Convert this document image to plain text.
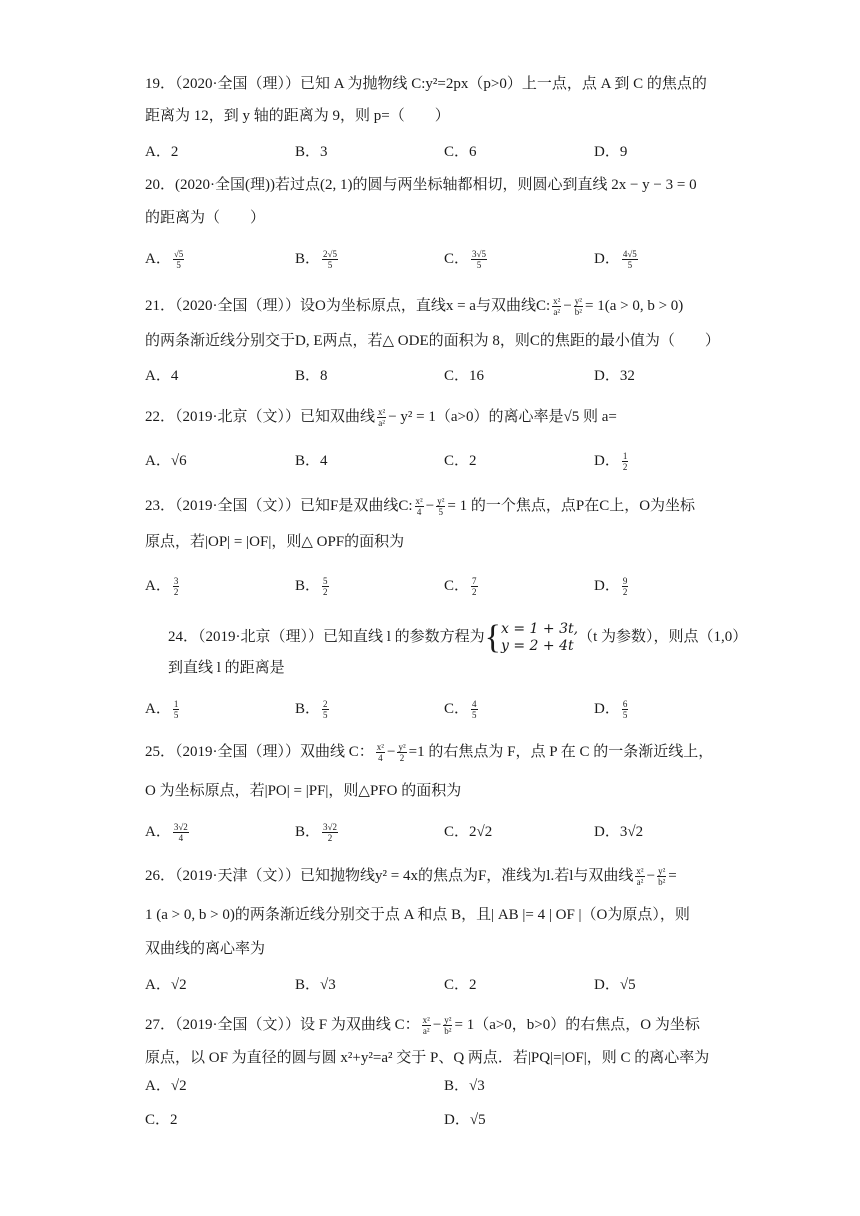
19．（2020·全国（理））已知 A 为抛物线 C:y²=2px（p>0）上一点，点 A 到 C 的焦点的
距离为 12，到 y 轴的距离为 9，则 p=（　　）
A．2	B．3	C．6	D．9
20．(2020·全国(理))若过点(2, 1)的圆与两坐标轴都相切，则圆心到直线 2x − y − 3 = 0
的距离为（　　）
A． $\frac{√5}{5}$	B． $\frac{2√5}{5}$	C． $\frac{3√5}{5}$	D． $\frac{4√5}{5}$
21．（2020·全国（理））设O为坐标原点，直线x = a与双曲线C: $\frac{\text{x²}}{\text{a²}} - \frac{\text{y²}}{\text{b²}} = 1(a > 0$, b > 0)
的两条渐近线分别交于D, E两点，若△ ODE的面积为 8，则C的焦距的最小值为（　　）
A．4	B．8	C．16	D．32
22．（2019·北京（文））已知双曲线 $\frac{\text{x²}}{\text{a²}} - y^2 = 1(a>0)$的离心率是√5 则 a=
A．√6	B．4	C．2	D． $\frac{1}{2}$
23．（2019·全国（文））已知F是双曲线C: $\frac{\text{x²}}{4} - \frac{\text{y²}}{5} = 1$ 的一个焦点，点P在C上，O为坐标
原点，若|OP| = |OF|，则△ OPF的面积为
A． $\frac{3}{2}$	B． $\frac{5}{2}$	C． $\frac{7}{2}$	D． $\frac{9}{2}$
24．（2019·北京（理））已知直线 l 的参数方程为 { x = 1 + 3t,
y = 2 + 4t
（t 为参数），则点（1,0）
到直线 l 的距离是
A． $\frac{1}{5}$	B． $\frac{2}{5}$	C． $\frac{4}{5}$	D． $\frac{6}{5}$
25．（2019·全国（理））双曲线 C： $\frac{\text{x²}}{4} - \frac{\text{y²}}{2} =1$ 的右焦点为 F，点 P 在 C 的一条渐近线上，
O 为坐标原点，若|PO| = |PF|，则△PFO 的面积为
A． $\frac{3√2}{4}$	B． $\frac{3√2}{2}$	C．2√2	D．3√2
26．（2019·天津（文））已知抛物线y² = 4x的焦点为F，准线为l.若l与双曲线 $\frac{\text{x²}}{\text{a²}} - \frac{\text{y²}}{\text{b²}}$ =
1 (a > 0, b > 0)的两条渐近线分别交于点 A 和点 B，且| AB |= 4 | OF |（O为原点），则
双曲线的离心率为
A．√2	B．√3	C．2	D．√5
27．（2019·全国（文））设 F 为双曲线 C： $\frac{\text{x²}}{\text{a²}} - \frac{\text{y²}}{\text{b²}} = 1(a>0$，b>0）的右焦点，O 为坐标
原点，以 OF 为直径的圆与圆 x²+y²=a² 交于 P、Q 两点．若|PQ|=|OF|，则 C 的离心率为
A．√2	B．√3
C．2	D．√5
